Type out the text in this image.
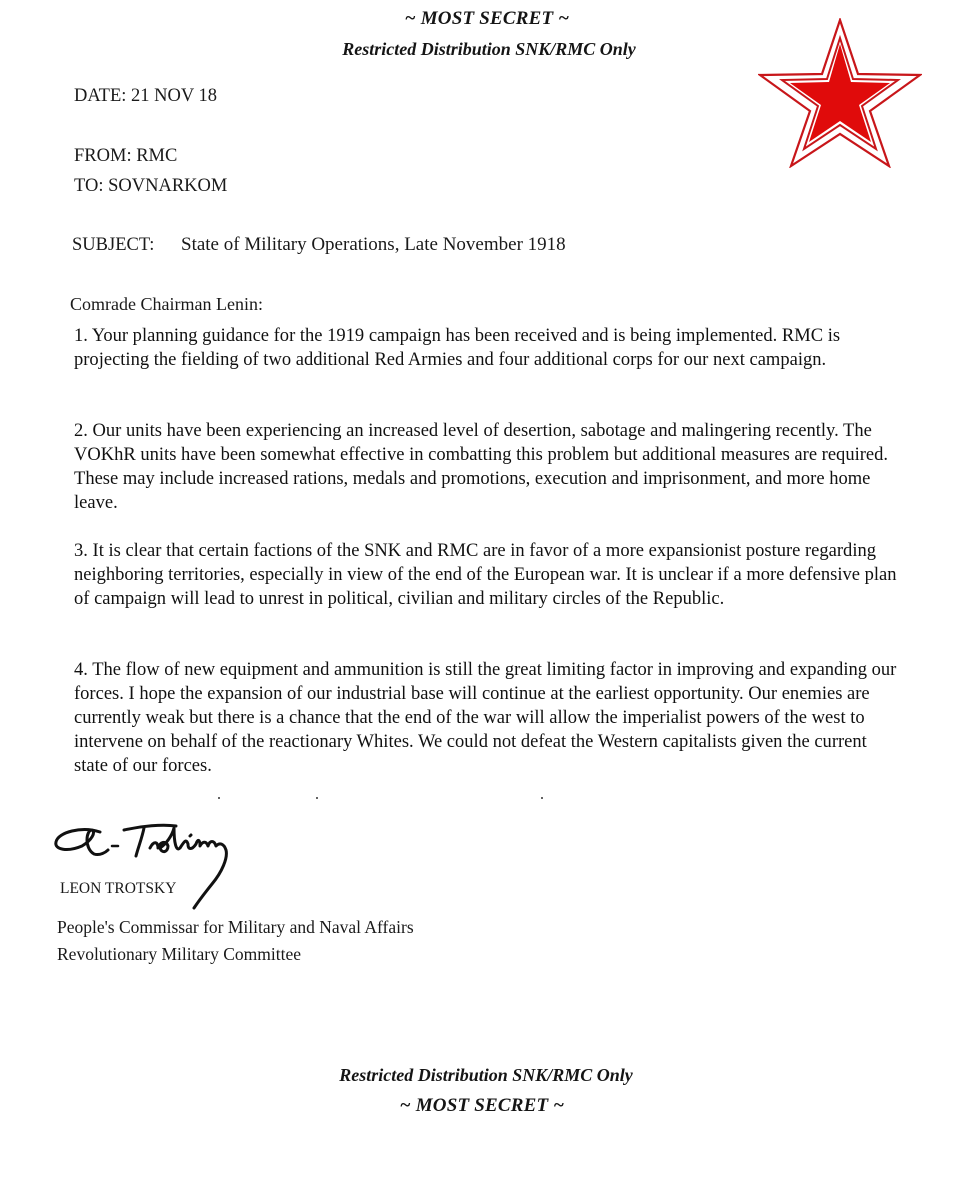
~ MOST SECRET ~
Restricted Distribution SNK/RMC Only
DATE: 21 NOV 18
FROM: RMC
TO: SOVNARKOM
SUBJECT: State of Military Operations, Late November 1918
Comrade Chairman Lenin:
1. Your planning guidance for the 1919 campaign has been received and is being implemented. RMC is projecting the fielding of two additional Red Armies and four additional corps for our next campaign.
2. Our units have been experiencing an increased level of desertion, sabotage and malingering recently. The VOKhR units have been somewhat effective in combatting this problem but additional measures are required. These may include increased rations, medals and promotions, execution and imprisonment, and more home leave.
3. It is clear that certain factions of the SNK and RMC are in favor of a more expansionist posture regarding neighboring territories, especially in view of the end of the European war. It is unclear if a more defensive plan of campaign will lead to unrest in political, civilian and military circles of the Republic.
4. The flow of new equipment and ammunition is still the great limiting factor in improving and expanding our forces. I hope the expansion of our industrial base will continue at the earliest opportunity. Our enemies are currently weak but there is a chance that the end of the war will allow the imperialist powers of the west to intervene on behalf of the reactionary Whites. We could not defeat the Western capitalists given the current state of our forces.
LEON TROTSKY
People's Commissar for Military and Naval Affairs
Revolutionary Military Committee
Restricted Distribution SNK/RMC Only
~ MOST SECRET ~
